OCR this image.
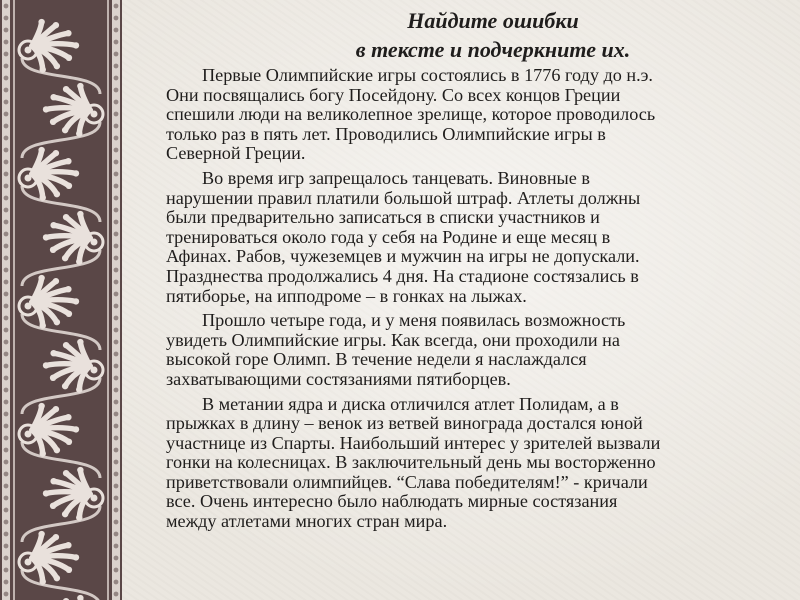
Найдите ошибки
в тексте и подчеркните их.
Первые Олимпийские игры состоялись в 1776 году до н.э.
Они посвящались богу Посейдону. Со всех концов Греции
спешили люди на великолепное зрелище, которое проводилось
только раз в пять лет. Проводились Олимпийские игры в
Северной Греции.
Во время игр запрещалось танцевать. Виновные в
нарушении правил платили большой штраф. Атлеты должны
были предварительно записаться в списки участников и
тренироваться около года у себя на Родине и еще месяц в
Афинах. Рабов, чужеземцев и мужчин на игры не допускали.
Празднества продолжались 4 дня. На стадионе состязались в
пятиборье, на ипподроме – в гонках на лыжах.
Прошло четыре года, и у меня появилась возможность
увидеть Олимпийские игры. Как всегда, они проходили на
высокой горе Олимп. В течение недели я наслаждался
захватывающими состязаниями пятиборцев.
В метании ядра и диска отличился атлет Полидам, а в
прыжках в длину – венок из ветвей винограда достался юной
участнице из Спарты. Наибольший интерес у зрителей вызвали
гонки на колесницах. В заключительный день мы восторженно
приветствовали олимпийцев. “Слава победителям!” - кричали
все. Очень интересно было наблюдать мирные состязания
между атлетами многих стран мира.
